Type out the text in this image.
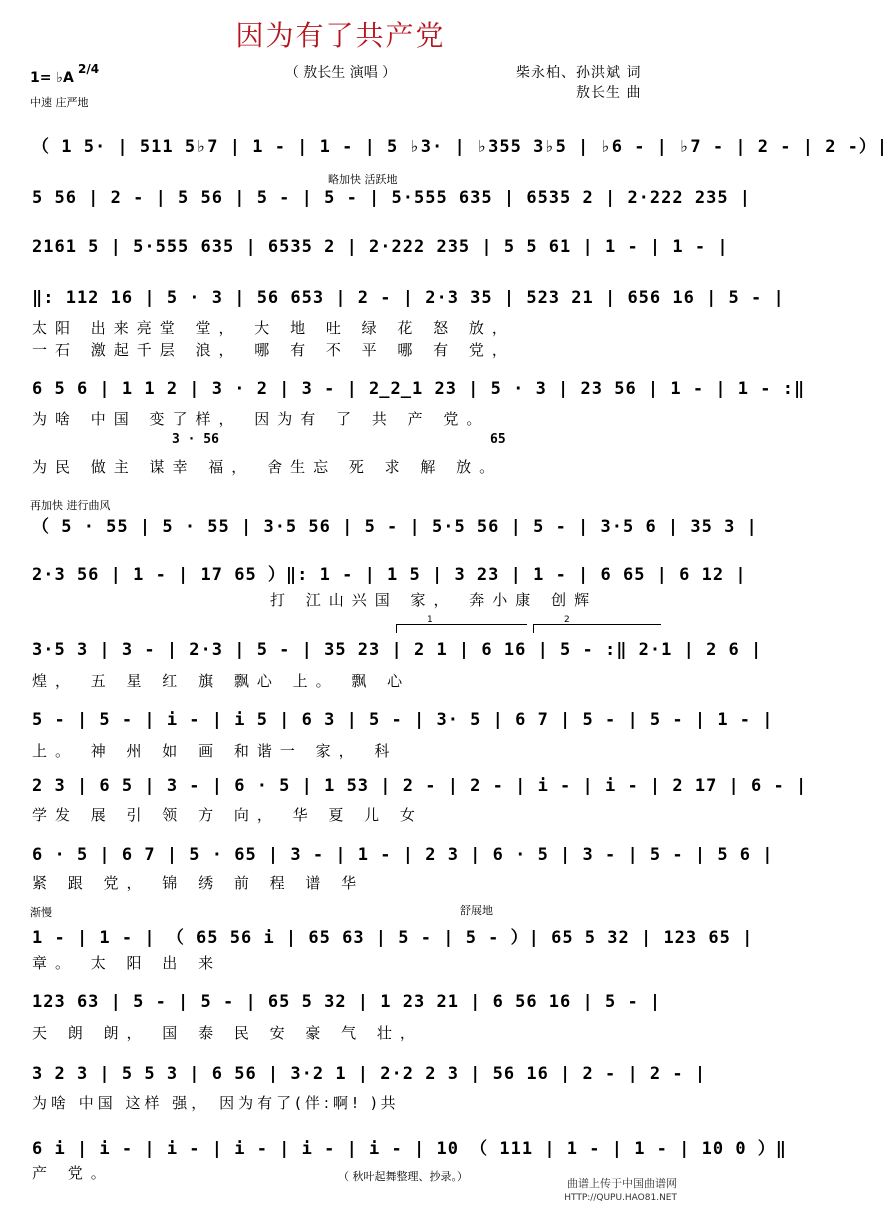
因为有了共产党
（ 敖长生 演唱 ）	柴永柏、孙洪斌 词
敖长生 曲
1= ♭A
2/4
中速 庄严地
（ 1 5· | 511 5♭7 | 1 - | 1 - | 5 ♭3· | ♭355 3♭5 | ♭6 - | ♭7 - | 2 - | 2 -）|
略加快 活跃地
5 56 | 2 - | 5 56 | 5 - | 5 - | 5·555 635 | 6535 2 | 2·222 235 |
2161 5 | 5·555 635 | 6535 2 | 2·222 235 | 5 5 61 | 1 - | 1 - |
‖: 112 16 | 5 · 3 | 56 653 | 2 - | 2·3 35 | 523 21 | 656 16 | 5 - |
太阳 出来亮堂 堂， 大 地 吐 绿 花 怒 放，
一石 激起千层 浪， 哪 有 不 平 哪 有 党，
6 5 6 | 1 1 2 | 3 · 2 | 3 - | 2̲2̲1 23 | 5 · 3 | 23 56 | 1 - | 1 - :‖
为啥 中国 变了样， 因为有 了 共 产 党。
3 · 56	65
为民 做主 谋幸 福， 舍生忘 死 求 解 放。
再加快 进行曲风
（ 5 · 55 | 5 · 55 | 3·5 56 | 5 - | 5·5 56 | 5 - | 3·5 6 | 35 3 |
2·3 56 | 1 - | 17 65 ）‖: 1 - | 1 5 | 3 23 | 1 - | 6 65 | 6 12 |
打 江山兴国 家， 奔小康 创辉
1	2
3·5 3 | 3 - | 2·3 | 5 - | 35 23 | 2 1 | 6 16 | 5 - :‖ 2·1 | 2 6 |
煌， 五 星 红 旗 飘心 上。 飘 心
5 - | 5 - | i - | i 5 | 6 3 | 5 - | 3· 5 | 6 7 | 5 - | 5 - | 1 - |
上。 神 州 如 画 和谐一 家， 科
2 3 | 6 5 | 3 - | 6 · 5 | 1 53 | 2 - | 2 - | i - | i - | 2 17 | 6 - |
学发 展 引 领 方 向， 华 夏 儿 女
6 · 5 | 6 7 | 5 · 65 | 3 - | 1 - | 2 3 | 6 · 5 | 3 - | 5 - | 5 6 |
紧 跟 党， 锦 绣 前 程 谱 华
渐慢	舒展地
1 - | 1 - | （ 65 56 i | 65 63 | 5 - | 5 - ）| 65 5 32 | 123 65 |
章。 太 阳 出 来
123 63 | 5 - | 5 - | 65 5 32 | 1 23 21 | 6 56 16 | 5 - |
天 朗 朗， 国 泰 民 安 豪 气 壮，
3 2 3 | 5 5 3 | 6 56 | 3·2 1 | 2·2 2 3 | 56 16 | 2 - | 2 - |
为啥 中国 这样 强， 因为有了(伴:啊! )共
6 i | i - | i - | i - | i - | i - | 10 （ 111 | 1 - | 1 - | 10 0 ）‖
产 党。	（ 秋叶起舞整理、抄录。）
曲谱上传于中国曲谱网
HTTP://QUPU.HAO81.NET
